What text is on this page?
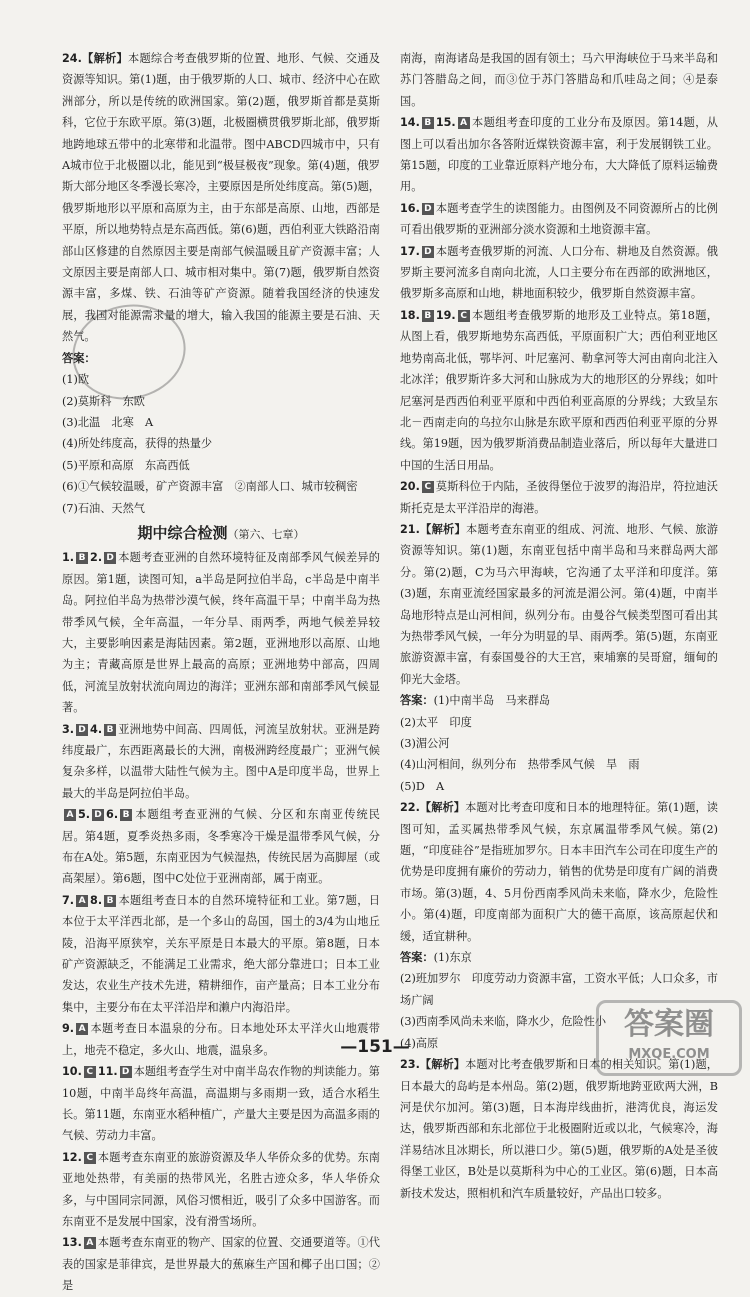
24.【解析】本题综合考查俄罗斯的位置、地形、气候、交通及资源等知识。第(1)题，由于俄罗斯的人口、城市、经济中心在欧洲部分，所以是传统的欧洲国家。第(2)题，俄罗斯首都是莫斯科，它位于东欧平原。第(3)题，北极圈横贯俄罗斯北部，俄罗斯地跨地球五带中的北寒带和北温带。图中ABCD四城市中，只有A城市位于北极圈以北，能见到“极昼极夜”现象。第(4)题，俄罗斯大部分地区冬季漫长寒冷，主要原因是所处纬度高。第(5)题，俄罗斯地形以平原和高原为主，由于东部是高原、山地，西部是平原，所以地势特点是东高西低。第(6)题，西伯利亚大铁路沿南部山区修建的自然原因主要是南部气候温暖且矿产资源丰富；人文原因主要是南部人口、城市相对集中。第(7)题，俄罗斯自然资源丰富，多煤、铁、石油等矿产资源。随着我国经济的快速发展，我国对能源需求量的增大，输入我国的能源主要是石油、天然气。

答案：
(1)欧
(2)莫斯科　东欧
(3)北温　北寒　A
(4)所处纬度高，获得的热量少
(5)平原和高原　东高西低
(6)①气候较温暖，矿产资源丰富　②南部人口、城市较稠密
(7)石油、天然气

期中综合检测（第六、七章）

1. B 2. D 本题考查亚洲的自然环境特征及南部季风气候差异的原因。第1题，读图可知，a半岛是阿拉伯半岛，c半岛是中南半岛。阿拉伯半岛为热带沙漠气候，终年高温干旱；中南半岛为热带季风气候，全年高温，一年分旱、雨两季，两地气候差异较大，主要影响因素是海陆因素。第2题，亚洲地形以高原、山地为主；青藏高原是世界上最高的高原；亚洲地势中部高，四周低，河流呈放射状流向周边的海洋；亚洲东部和南部季风气候显著。

3. D 4. B 亚洲地势中间高、四周低，河流呈放射状。亚洲是跨纬度最广，东西距离最长的大洲，南极洲跨经度最广；亚洲气候复杂多样，以温带大陆性气候为主。图中A是印度半岛，世界上最大的半岛是阿拉伯半岛。

A 5. D 6. B 本题组考查亚洲的气候、分区和东南亚传统民居。第4题，夏季炎热多雨，冬季寒冷干燥是温带季风气候，分布在A处。第5题，东南亚因为气候湿热，传统民居为高脚屋（或高架屋）。第6题，图中C处位于亚洲南部，属于南亚。

7. A 8. B 本题组考查日本的自然环境特征和工业。第7题，日本位于太平洋西北部，是一个多山的岛国，国土的3/4为山地丘陵，沿海平原狭窄，关东平原是日本最大的平原。第8题，日本矿产资源缺乏，不能满足工业需求，绝大部分靠进口；日本工业发达，农业生产技术先进，精耕细作，亩产量高；日本工业分布集中，主要分布在太平洋沿岸和濑户内海沿岸。

9. A 本题考查日本温泉的分布。日本地处环太平洋火山地震带上，地壳不稳定，多火山、地震，温泉多。

10. C 11. D 本题组考查学生对中南半岛农作物的判读能力。第10题，中南半岛终年高温，高温期与多雨期一致，适合水稻生长。第11题，东南亚水稻种植广，产量大主要是因为高温多雨的气候、劳动力丰富。

12. C 本题考查东南亚的旅游资源及华人华侨众多的优势。东南亚地处热带，有美丽的热带风光，名胜古迹众多，华人华侨众多，与中国同宗同源，风俗习惯相近，吸引了众多中国游客。而东南亚不是发展中国家，没有滑雪场所。

13. A 本题考查东南亚的物产、国家的位置、交通要道等。①代表的国家是菲律宾，是世界最大的蕉麻生产国和椰子出口国；②是

南海，南海诸岛是我国的固有领土；马六甲海峡位于马来半岛和苏门答腊岛之间，而③位于苏门答腊岛和爪哇岛之间；④是泰国。

14. B 15. A 本题组考查印度的工业分布及原因。第14题，从图上可以看出加尔各答附近煤铁资源丰富，利于发展钢铁工业。第15题，印度的工业靠近原料产地分布，大大降低了原料运输费用。

16. D 本题考查学生的读图能力。由图例及不同资源所占的比例可看出俄罗斯的亚洲部分淡水资源和土地资源丰富。

17. D 本题考查俄罗斯的河流、人口分布、耕地及自然资源。俄罗斯主要河流多自南向北流，人口主要分布在西部的欧洲地区，俄罗斯多高原和山地，耕地面积较少，俄罗斯自然资源丰富。

18. B 19. C 本题组考查俄罗斯的地形及工业特点。第18题，从图上看，俄罗斯地势东高西低，平原面积广大；西伯利亚地区地势南高北低，鄂毕河、叶尼塞河、勒拿河等大河由南向北注入北冰洋；俄罗斯许多大河和山脉成为大的地形区的分界线；如叶尼塞河是西西伯利亚平原和中西伯利亚高原的分界线；大致呈东北－西南走向的乌拉尔山脉是东欧平原和西西伯利亚平原的分界线。第19题，因为俄罗斯消费品制造业落后，所以每年大量进口中国的生活日用品。

20. C 莫斯科位于内陆，圣彼得堡位于波罗的海沿岸，符拉迪沃斯托克是太平洋沿岸的海港。

21.【解析】本题考查东南亚的组成、河流、地形、气候、旅游资源等知识。第(1)题，东南亚包括中南半岛和马来群岛两大部分。第(2)题，C为马六甲海峡，它沟通了太平洋和印度洋。第(3)题，东南亚流经国家最多的河流是湄公河。第(4)题，中南半岛地形特点是山河相间，纵列分布。由曼谷气候类型图可看出其为热带季风气候，一年分为明显的旱、雨两季。第(5)题，东南亚旅游资源丰富，有泰国曼谷的大王宫，柬埔寨的吴哥窟，缅甸的仰光大金塔。

答案：(1)中南半岛　马来群岛
(2)太平　印度
(3)湄公河
(4)山河相间，纵列分布　热带季风气候　旱　雨
(5)D　A

22.【解析】本题对比考查印度和日本的地理特征。第(1)题，读图可知，孟买属热带季风气候，东京属温带季风气候。第(2)题，“印度硅谷”是指班加罗尔。日本丰田汽车公司在印度生产的优势是印度拥有廉价的劳动力，销售的优势是印度有广阔的消费市场。第(3)题，4、5月份西南季风尚未来临，降水少，危险性小。第(4)题，印度南部为面积广大的德干高原，该高原起伏和缓，适宜耕种。

答案：(1)东京
(2)班加罗尔　印度劳动力资源丰富，工资水平低；人口众多，市场广阔
(3)西南季风尚未来临，降水少，危险性小
(4)高原

23.【解析】本题对比考查俄罗斯和日本的相关知识。第(1)题，日本最大的岛屿是本州岛。第(2)题，俄罗斯地跨亚欧两大洲，B河是伏尔加河。第(3)题，日本海岸线曲折，港湾优良，海运发达，俄罗斯西部和东北部位于北极圈附近或以北，气候寒冷，海洋易结冰且冰期长，所以港口少。第(5)题，俄罗斯的A处是圣彼得堡工业区，B处是以莫斯科为中心的工业区。第(6)题，日本高新技术发达，照相机和汽车质量较好，产品出口较多。

—151—
答案圈
MXQE.COM
